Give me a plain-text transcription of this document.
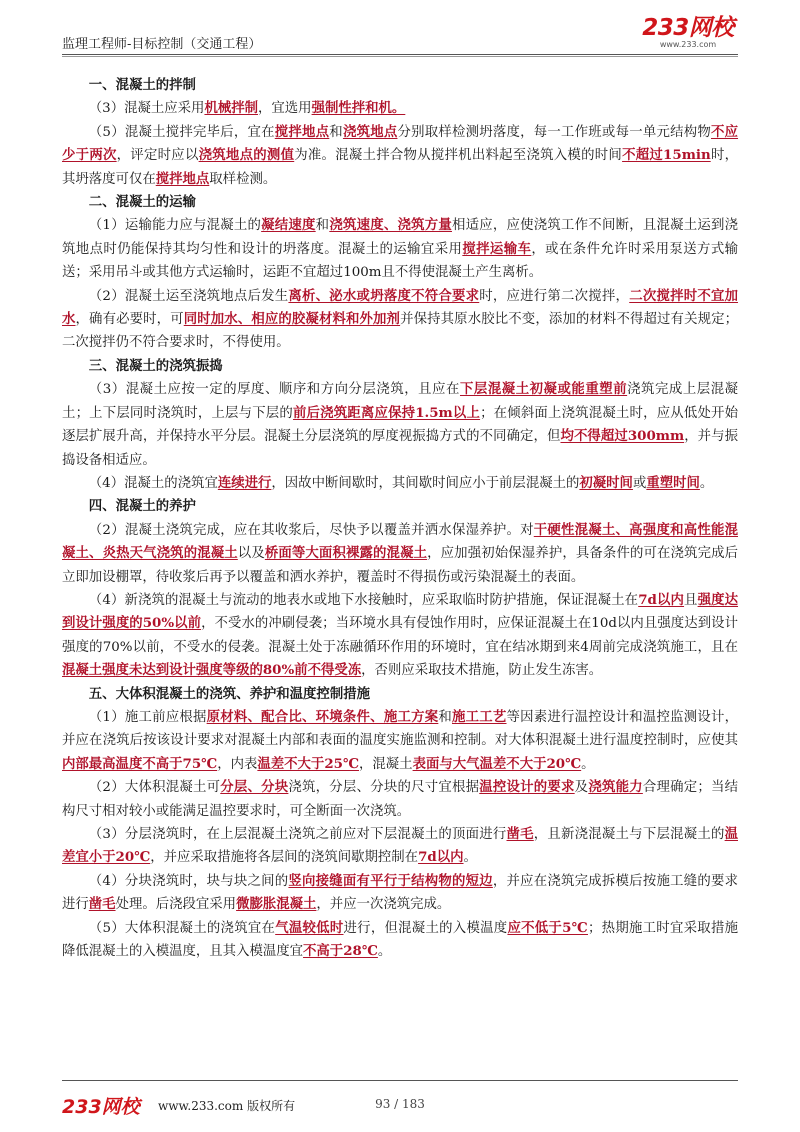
监理工程师-目标控制（交通工程）
233网校
www.233.com
一、混凝土的拌制
（3）混凝土应采用机械拌制，宜选用强制性拌和机。
（5）混凝土搅拌完毕后，宜在搅拌地点和浇筑地点分别取样检测坍落度，每一工作班或每一单元结构物不应少于两次，评定时应以浇筑地点的测值为准。混凝土拌合物从搅拌机出料起至浇筑入模的时间不超过15min时，其坍落度可仅在搅拌地点取样检测。
二、混凝土的运输
（1）运输能力应与混凝土的凝结速度和浇筑速度、浇筑方量相适应，应使浇筑工作不间断，且混凝土运到浇筑地点时仍能保持其均匀性和设计的坍落度。混凝土的运输宜采用搅拌运输车，或在条件允许时采用泵送方式输送；采用吊斗或其他方式运输时，运距不宜超过100m且不得使混凝土产生离析。
（2）混凝土运至浇筑地点后发生离析、泌水或坍落度不符合要求时，应进行第二次搅拌，二次搅拌时不宜加水，确有必要时，可同时加水、相应的胶凝材料和外加剂并保持其原水胶比不变，添加的材料不得超过有关规定；二次搅拌仍不符合要求时，不得使用。
三、混凝土的浇筑振捣
（3）混凝土应按一定的厚度、顺序和方向分层浇筑，且应在下层混凝土初凝或能重塑前浇筑完成上层混凝土；上下层同时浇筑时，上层与下层的前后浇筑距离应保持1.5m以上；在倾斜面上浇筑混凝土时，应从低处开始逐层扩展升高，并保持水平分层。混凝土分层浇筑的厚度视振捣方式的不同确定，但均不得超过300mm，并与振捣设备相适应。
（4）混凝土的浇筑宜连续进行，因故中断间歇时，其间歇时间应小于前层混凝土的初凝时间或重塑时间。
四、混凝土的养护
（2）混凝土浇筑完成，应在其收浆后，尽快予以覆盖并洒水保湿养护。对干硬性混凝土、高强度和高性能混凝土、炎热天气浇筑的混凝土以及桥面等大面积裸露的混凝土，应加强初始保湿养护，具备条件的可在浇筑完成后立即加设棚罩，待收浆后再予以覆盖和洒水养护，覆盖时不得损伤或污染混凝土的表面。
（4）新浇筑的混凝土与流动的地表水或地下水接触时，应采取临时防护措施，保证混凝土在7d以内且强度达到设计强度的50%以前，不受水的冲刷侵袭；当环境水具有侵蚀作用时，应保证混凝土在10d以内且强度达到设计强度的70%以前，不受水的侵袭。混凝土处于冻融循环作用的环境时，宜在结冰期到来4周前完成浇筑施工，且在混凝土强度未达到设计强度等级的80%前不得受冻，否则应采取技术措施，防止发生冻害。
五、大体积混凝土的浇筑、养护和温度控制措施
（1）施工前应根据原材料、配合比、环境条件、施工方案和施工工艺等因素进行温控设计和温控监测设计，并应在浇筑后按该设计要求对混凝土内部和表面的温度实施监测和控制。对大体积混凝土进行温度控制时，应使其内部最高温度不高于75℃，内表温差不大于25℃，混凝土表面与大气温差不大于20℃。
（2）大体积混凝土可分层、分块浇筑，分层、分块的尺寸宜根据温控设计的要求及浇筑能力合理确定；当结构尺寸相对较小或能满足温控要求时，可全断面一次浇筑。
（3）分层浇筑时，在上层混凝土浇筑之前应对下层混凝土的顶面进行凿毛，且新浇混凝土与下层混凝土的温差宜小于20℃，并应采取措施将各层间的浇筑间歇期控制在7d以内。
（4）分块浇筑时，块与块之间的竖向接缝面有平行于结构物的短边，并应在浇筑完成拆模后按施工缝的要求进行凿毛处理。后浇段宜采用微膨胀混凝土，并应一次浇筑完成。
（5）大体积混凝土的浇筑宜在气温较低时进行，但混凝土的入模温度应不低于5℃；热期施工时宜采取措施降低混凝土的入模温度，且其入模温度宜不高于28℃。
233网校 www.233.com 版权所有	93 / 183
